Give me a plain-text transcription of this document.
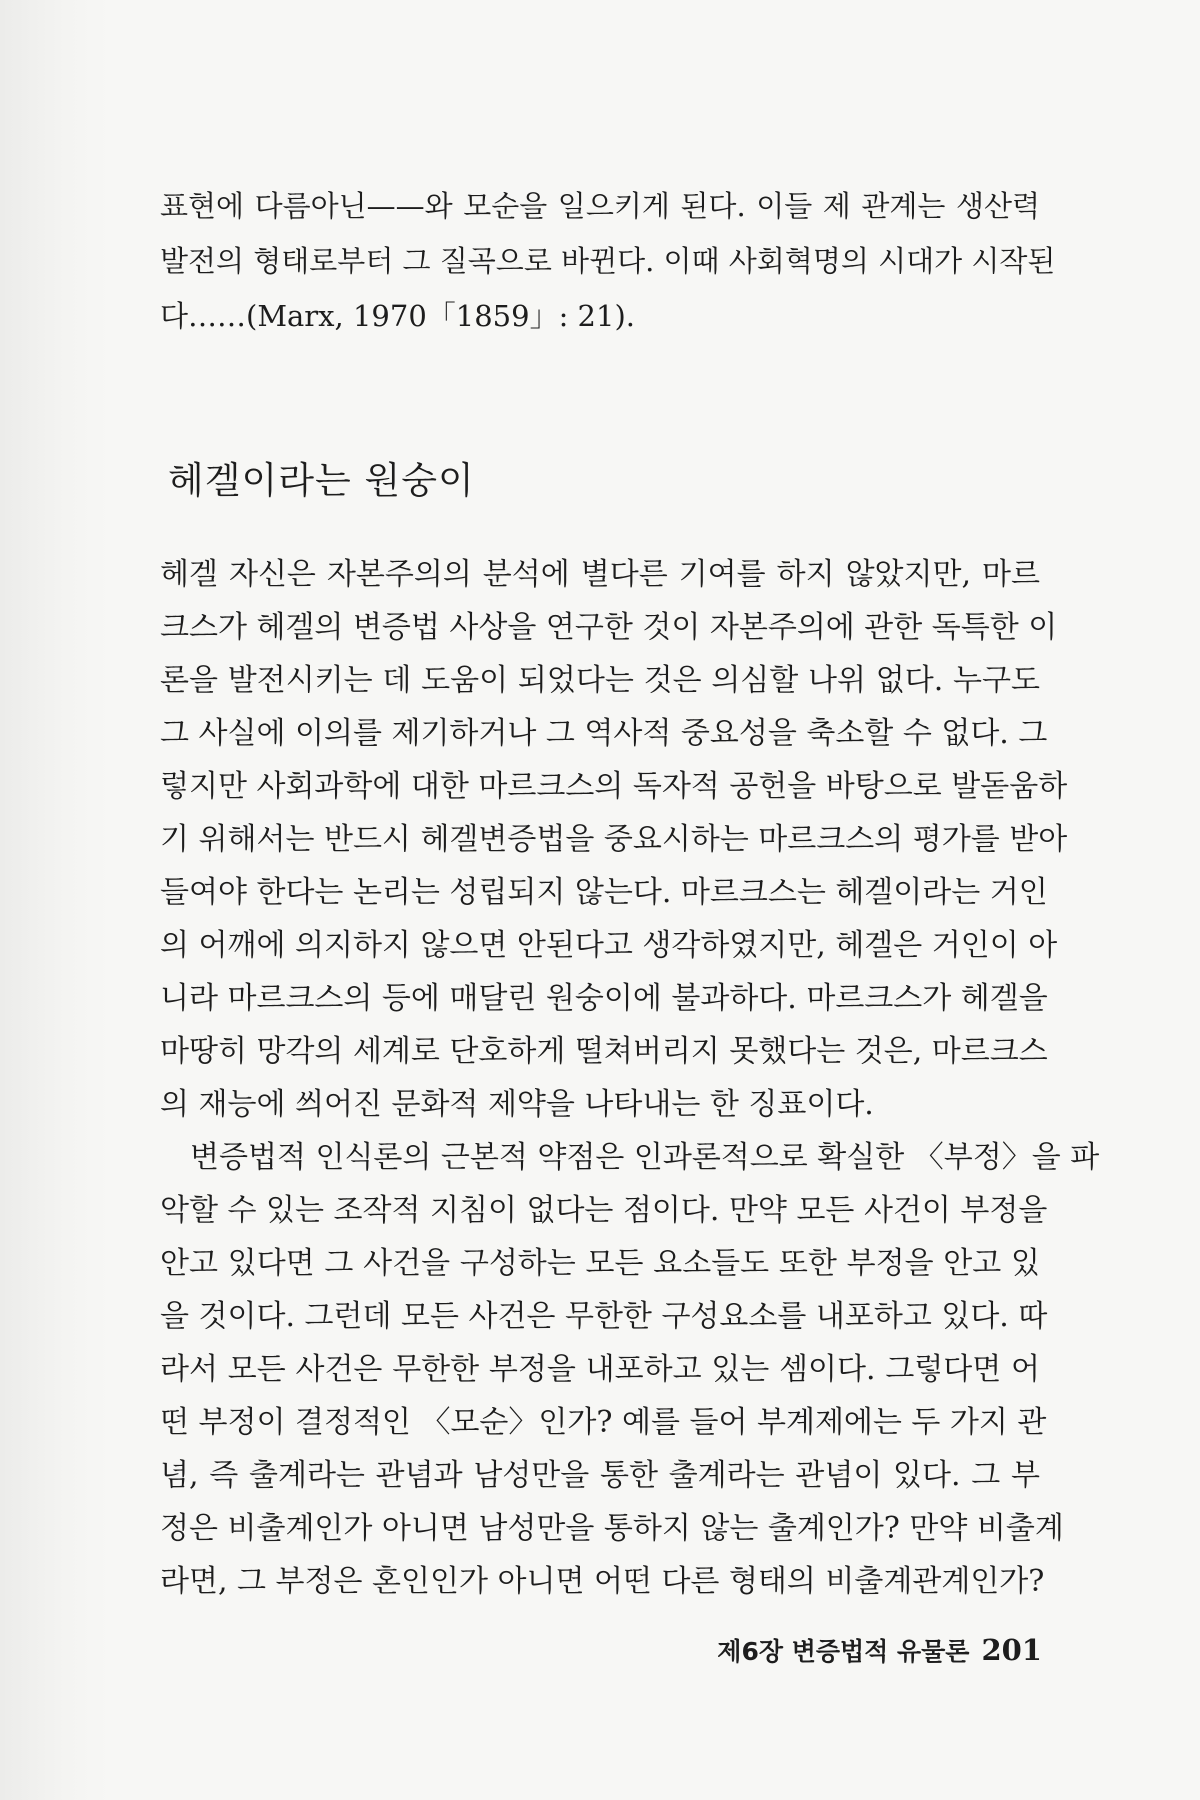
표현에 다름아닌——와 모순을 일으키게 된다. 이들 제 관계는 생산력
발전의 형태로부터 그 질곡으로 바뀐다. 이때 사회혁명의 시대가 시작된
다……(Marx, 1970「1859」: 21).
헤겔이라는 원숭이
헤겔 자신은 자본주의의 분석에 별다른 기여를 하지 않았지만, 마르
크스가 헤겔의 변증법 사상을 연구한 것이 자본주의에 관한 독특한 이
론을 발전시키는 데 도움이 되었다는 것은 의심할 나위 없다. 누구도
그 사실에 이의를 제기하거나 그 역사적 중요성을 축소할 수 없다. 그
렇지만 사회과학에 대한 마르크스의 독자적 공헌을 바탕으로 발돋움하
기 위해서는 반드시 헤겔변증법을 중요시하는 마르크스의 평가를 받아
들여야 한다는 논리는 성립되지 않는다. 마르크스는 헤겔이라는 거인
의 어깨에 의지하지 않으면 안된다고 생각하였지만, 헤겔은 거인이 아
니라 마르크스의 등에 매달린 원숭이에 불과하다. 마르크스가 헤겔을
마땅히 망각의 세계로 단호하게 떨쳐버리지 못했다는 것은, 마르크스
의 재능에 씌어진 문화적 제약을 나타내는 한 징표이다.
변증법적 인식론의 근본적 약점은 인과론적으로 확실한 〈부정〉을 파
악할 수 있는 조작적 지침이 없다는 점이다. 만약 모든 사건이 부정을
안고 있다면 그 사건을 구성하는 모든 요소들도 또한 부정을 안고 있
을 것이다. 그런데 모든 사건은 무한한 구성요소를 내포하고 있다. 따
라서 모든 사건은 무한한 부정을 내포하고 있는 셈이다. 그렇다면 어
떤 부정이 결정적인 〈모순〉인가? 예를 들어 부계제에는 두 가지 관
념, 즉 출계라는 관념과 남성만을 통한 출계라는 관념이 있다. 그 부
정은 비출계인가 아니면 남성만을 통하지 않는 출계인가? 만약 비출계
라면, 그 부정은 혼인인가 아니면 어떤 다른 형태의 비출계관계인가?
제6장 변증법적 유물론 201
